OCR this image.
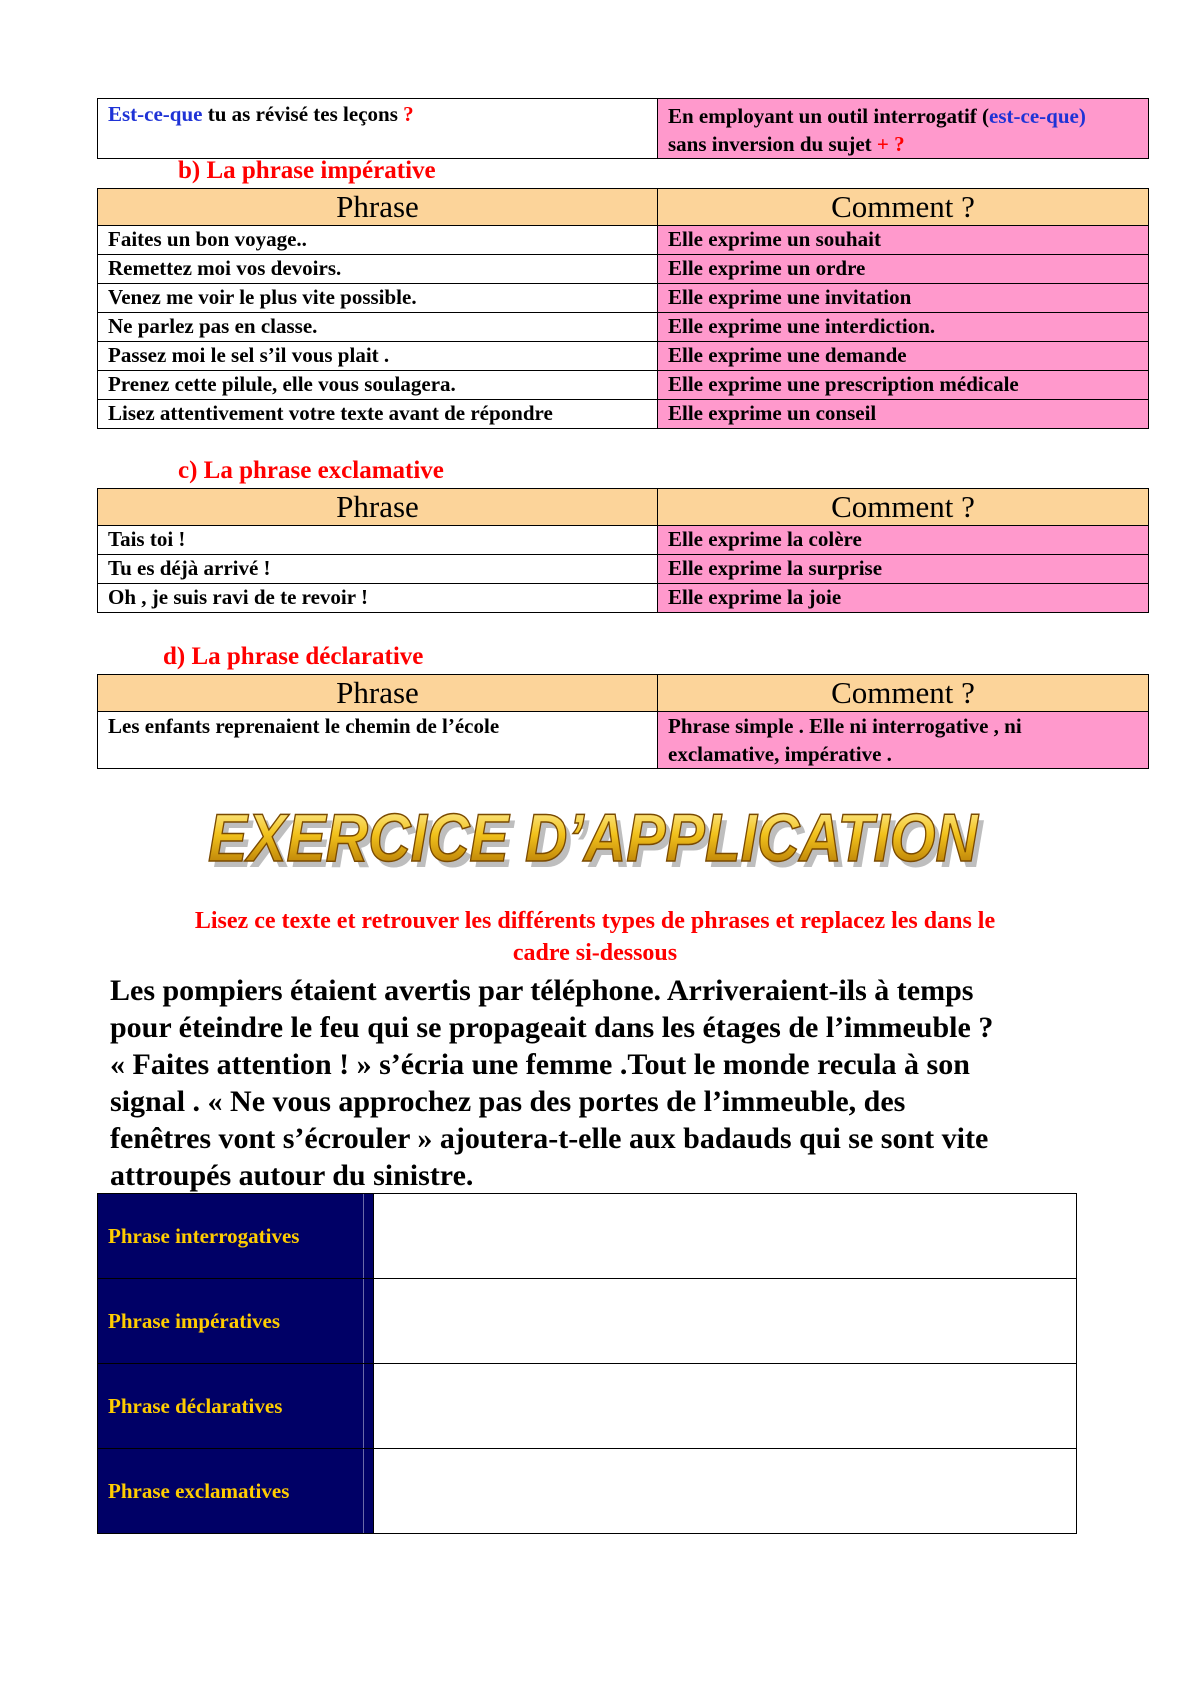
Est-ce-que tu as révisé tes leçons ?	En employant un outil interrogatif (est-ce-que)
sans inversion du sujet + ?
b) La phrase impérative
Phrase	Comment ?
Faites un bon voyage..	Elle exprime un souhait
Remettez moi vos devoirs.	Elle exprime un ordre
Venez me voir le plus vite possible.	Elle exprime une invitation
Ne parlez pas en classe.	Elle exprime une interdiction.
Passez moi le sel s’il vous plait .	Elle exprime une demande
Prenez cette pilule, elle vous soulagera.	Elle exprime une prescription médicale
Lisez attentivement votre texte avant de répondre	Elle exprime un conseil
c) La phrase exclamative
Phrase	Comment ?
Tais toi !	Elle exprime la colère
Tu es déjà arrivé !	Elle exprime la surprise
Oh , je suis ravi de te revoir !	Elle exprime la joie
d) La phrase déclarative
Phrase	Comment ?
Les enfants reprenaient le chemin de l’école	Phrase simple . Elle ni interrogative , ni
exclamative, impérative .
EXERCICE D’APPLICATION
EXERCICE D’APPLICATION
Lisez ce texte et retrouver les différents types de phrases et replacez les dans le
cadre si-dessous
Les pompiers étaient avertis par téléphone. Arriveraient-ils à temps
pour éteindre le feu qui se propageait dans les étages de l’immeuble ?
« Faites attention ! » s’écria une femme .Tout le monde recula à son
signal . « Ne vous approchez pas des portes de l’immeuble, des
fenêtres vont s’écrouler » ajoutera-t-elle aux badauds qui se sont vite
attroupés autour du sinistre.
Phrase interrogatives	

Phrase impératives	

Phrase déclaratives	

Phrase exclamatives	
